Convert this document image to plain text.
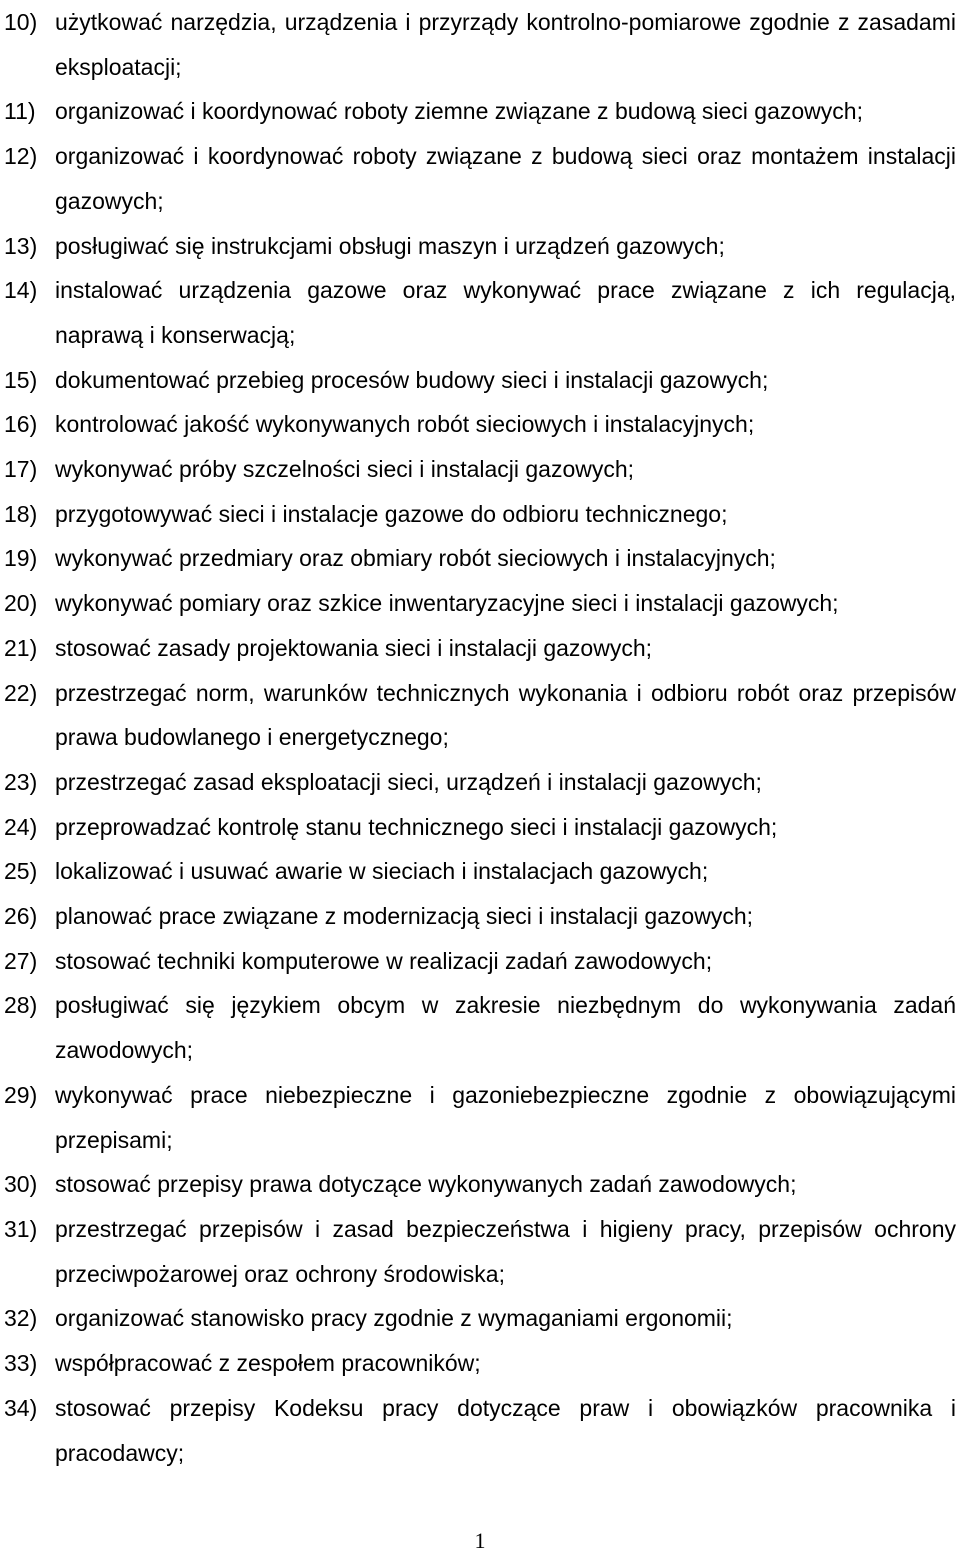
10) użytkować narzędzia, urządzenia i przyrządy kontrolno-pomiarowe zgodnie z zasadami eksploatacji;
11) organizować i koordynować roboty ziemne związane z budową sieci gazowych;
12) organizować i koordynować roboty związane z budową sieci oraz montażem instalacji gazowych;
13) posługiwać się instrukcjami obsługi maszyn i urządzeń gazowych;
14) instalować urządzenia gazowe oraz wykonywać prace związane z ich regulacją, naprawą i konserwacją;
15) dokumentować przebieg procesów budowy sieci i instalacji gazowych;
16) kontrolować jakość wykonywanych robót sieciowych i instalacyjnych;
17) wykonywać próby szczelności sieci i instalacji gazowych;
18) przygotowywać sieci i instalacje gazowe do odbioru technicznego;
19) wykonywać przedmiary oraz obmiary robót sieciowych i instalacyjnych;
20) wykonywać pomiary oraz szkice inwentaryzacyjne sieci i instalacji gazowych;
21) stosować zasady projektowania sieci i instalacji gazowych;
22) przestrzegać norm, warunków technicznych wykonania i odbioru robót oraz przepisów prawa budowlanego i energetycznego;
23) przestrzegać zasad eksploatacji sieci, urządzeń i instalacji gazowych;
24) przeprowadzać kontrolę stanu technicznego sieci i instalacji gazowych;
25) lokalizować i usuwać awarie w sieciach i instalacjach gazowych;
26) planować prace związane z modernizacją sieci i instalacji gazowych;
27) stosować techniki komputerowe w realizacji zadań zawodowych;
28) posługiwać się językiem obcym w zakresie niezbędnym do wykonywania zadań zawodowych;
29) wykonywać prace niebezpieczne i gazoniebezpieczne zgodnie z obowiązującymi przepisami;
30) stosować przepisy prawa dotyczące wykonywanych zadań zawodowych;
31) przestrzegać przepisów i zasad bezpieczeństwa i higieny pracy, przepisów ochrony przeciwpożarowej oraz ochrony środowiska;
32) organizować stanowisko pracy zgodnie z wymaganiami ergonomii;
33) współpracować z zespołem pracowników;
34) stosować przepisy Kodeksu pracy dotyczące praw i obowiązków pracownika i pracodawcy;
1
